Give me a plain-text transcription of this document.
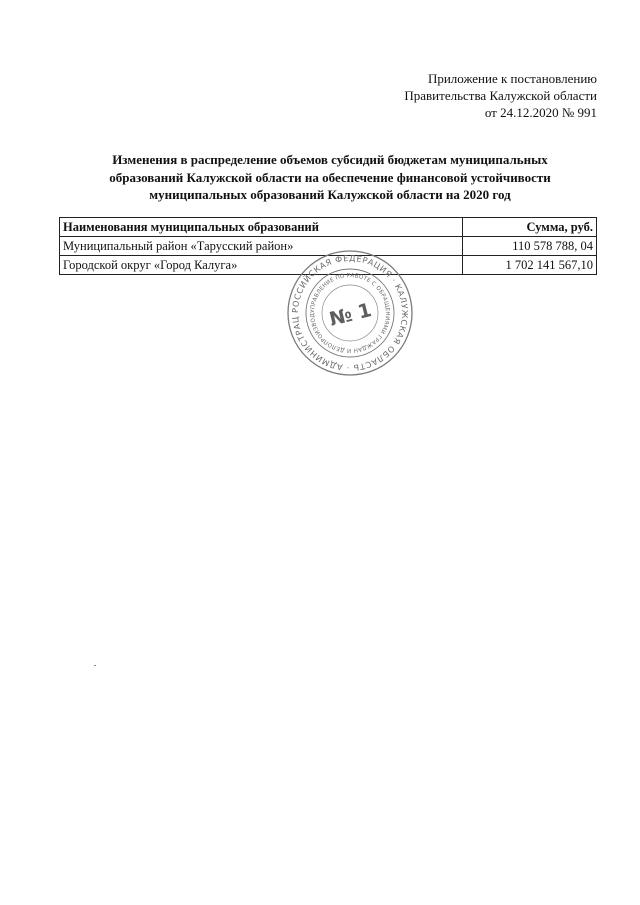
Приложение к постановлению
Правительства Калужской области
от 24.12.2020 № 991
Изменения в распределение объемов субсидий бюджетам муниципальных
образований Калужской области на обеспечение финансовой устойчивости
муниципальных образований Калужской области на 2020 год
Наименования муниципальных образований	Сумма, руб.
Муниципальный район «Тарусский район»	110 578 788, 04
Городской округ «Город Калуга»	1 702 141 567,10
РОССИЙСКАЯ ФЕДЕРАЦИЯ · КАЛУЖСКАЯ ОБЛАСТЬ · АДМИНИСТРАЦ
УПРАВЛЕНИЕ ПО РАБОТЕ С ОБРАЩЕНИЯМИ ГРАЖДАН И ДЕЛОПРОИЗВОД № 1
